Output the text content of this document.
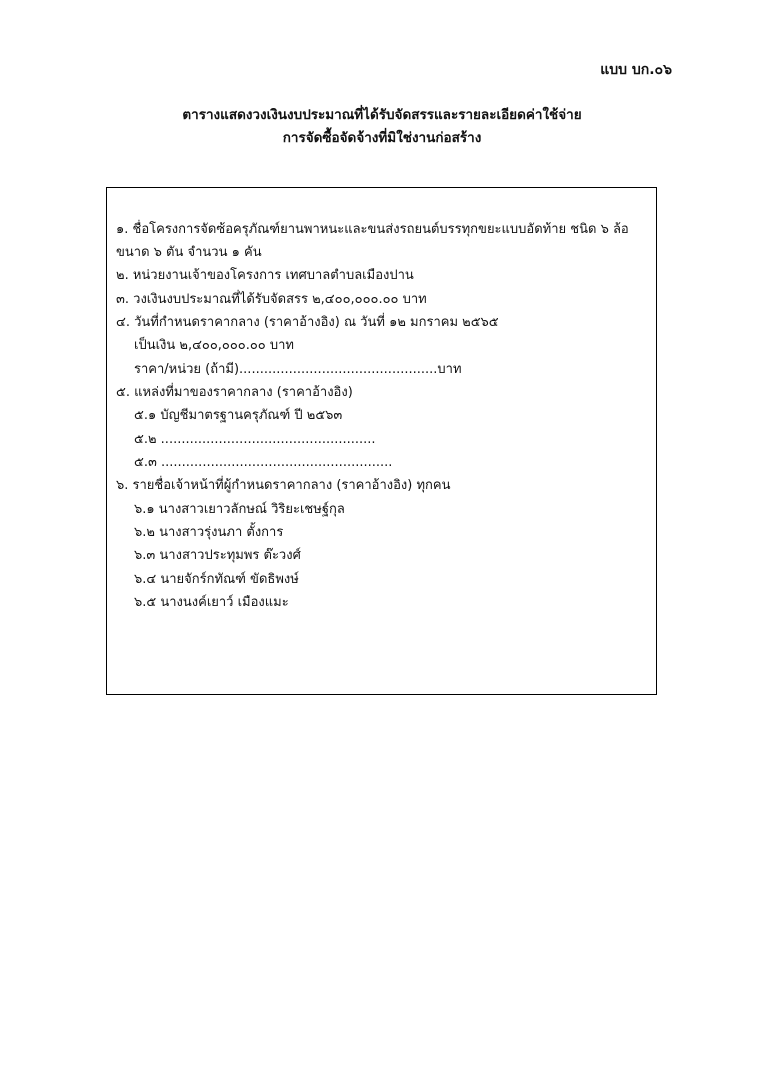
แบบ บก.๐๖
ตารางแสดงวงเงินงบประมาณที่ได้รับจัดสรรและรายละเอียดค่าใช้จ่าย
การจัดซื้อจัดจ้างที่มิใช่งานก่อสร้าง
๑. ชื่อโครงการจัดซ้อครุภัณฑ์ยานพาหนะและขนส่งรถยนต์บรรทุกขยะแบบอัดท้าย ชนิด ๖ ล้อ
ขนาด ๖ ตัน จำนวน ๑ คัน
๒. หน่วยงานเจ้าของโครงการ เทศบาลตำบลเมืองปาน
๓. วงเงินงบประมาณที่ได้รับจัดสรร ๒,๔๐๐,๐๐๐.๐๐ บาท
๔. วันที่กำหนดราคากลาง (ราคาอ้างอิง) ณ วันที่ ๑๒ มกราคม ๒๕๖๕
เป็นเงิน ๒,๔๐๐,๐๐๐.๐๐ บาท
ราคา/หน่วย (ถ้ามี)................................................บาท
๕. แหล่งที่มาของราคากลาง (ราคาอ้างอิง)
๕.๑ บัญชีมาตรฐานครุภัณฑ์ ปี ๒๕๖๓
๕.๒ ....................................................
๕.๓ ........................................................
๖. รายชื่อเจ้าหน้าที่ผู้กำหนดราคากลาง (ราคาอ้างอิง) ทุกคน
๖.๑ นางสาวเยาวลักษณ์ วิริยะเชษฐ์กุล
๖.๒ นางสาวรุ่งนภา ตั้งการ
๖.๓ นางสาวประทุมพร ต๊ะวงศ์
๖.๔ นายจักร์กทัณฑ์ ขัดธิพงษ์
๖.๕ นางนงค์เยาว์ เมืองแมะ
